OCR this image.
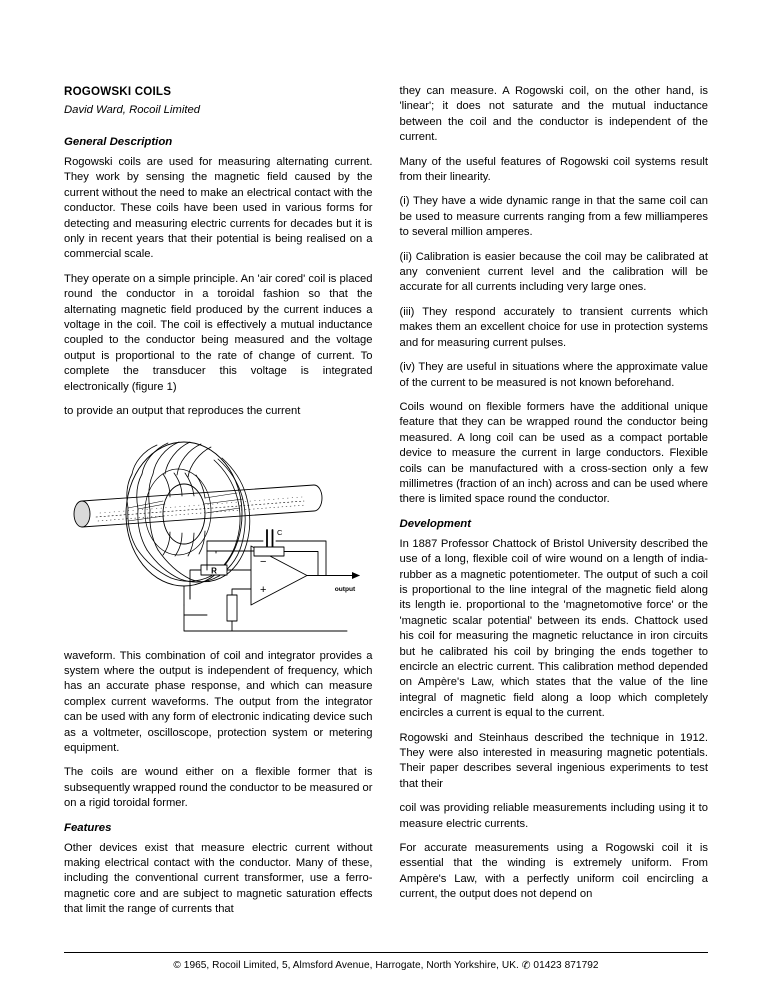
ROGOWSKI COILS
David Ward, Rocoil Limited
General Description

Rogowski coils are used for measuring alternating current. They work by sensing the magnetic field caused by the current without the need to make an electrical contact with the conductor. These coils have been used in various forms for detecting and measuring electric currents for decades but it is only in recent years that their potential is being realised on a commercial scale.

They operate on a simple principle. An 'air cored' coil is placed round the conductor in a toroidal fashion so that the alternating magnetic field produced by the current induces a voltage in the coil. The coil is effectively a mutual inductance coupled to the conductor being measured and the voltage output is proportional to the rate of change of current. To complete the transducer this voltage is integrated electronically (figure 1)

to provide an output that reproduces the current

R
−
+
C
output

waveform. This combination of coil and integrator provides a system where the output is independent of frequency, which has an accurate phase response, and which can measure complex current waveforms. The output from the integrator can be used with any form of electronic indicating device such as a voltmeter, oscilloscope, protection system or metering equipment.

The coils are wound either on a flexible former that is subsequently wrapped round the conductor to be measured or on a rigid toroidal former.

Features

Other devices exist that measure electric current without making electrical contact with the conductor. Many of these, including the conventional current transformer, use a ferro-magnetic core and are subject to magnetic saturation effects that limit the range of currents that

they can measure. A Rogowski coil, on the other hand, is 'linear'; it does not saturate and the mutual inductance between the coil and the conductor is independent of the current.

Many of the useful features of Rogowski coil systems result from their linearity.

(i) They have a wide dynamic range in that the same coil can be used to measure currents ranging from a few milliamperes to several million amperes.

(ii) Calibration is easier because the coil may be calibrated at any convenient current level and the calibration will be accurate for all currents including very large ones.

(iii) They respond accurately to transient currents which makes them an excellent choice for use in protection systems and for measuring current pulses.

(iv) They are useful in situations where the approximate value of the current to be measured is not known beforehand.

Coils wound on flexible formers have the additional unique feature that they can be wrapped round the conductor being measured. A long coil can be used as a compact portable device to measure the current in large conductors. Flexible coils can be manufactured with a cross-section only a few millimetres (fraction of an inch) across and can be used where there is limited space round the conductor.

Development

In 1887 Professor Chattock of Bristol University described the use of a long, flexible coil of wire wound on a length of india-rubber as a magnetic potentiometer. The output of such a coil is proportional to the line integral of the magnetic field along its length ie. proportional to the 'magnetomotive force' or the 'magnetic scalar potential' between its ends. Chattock used his coil for measuring the magnetic reluctance in iron circuits but he calibrated his coil by bringing the ends together to encircle an electric current. This calibration method depended on Ampère's Law, which states that the value of the line integral of magnetic field along a loop which completely encircles a current is equal to the current.

Rogowski and Steinhaus described the technique in 1912. They were also interested in measuring magnetic potentials. Their paper describes several ingenious experiments to test that their

coil was providing reliable measurements including using it to measure electric currents.

For accurate measurements using a Rogowski coil it is essential that the winding is extremely uniform. From Ampère's Law, with a perfectly uniform coil encircling a current, the output does not depend on

© 1965, Rocoil Limited, 5, Almsford Avenue, Harrogate, North Yorkshire, UK. ✆ 01423 871792
